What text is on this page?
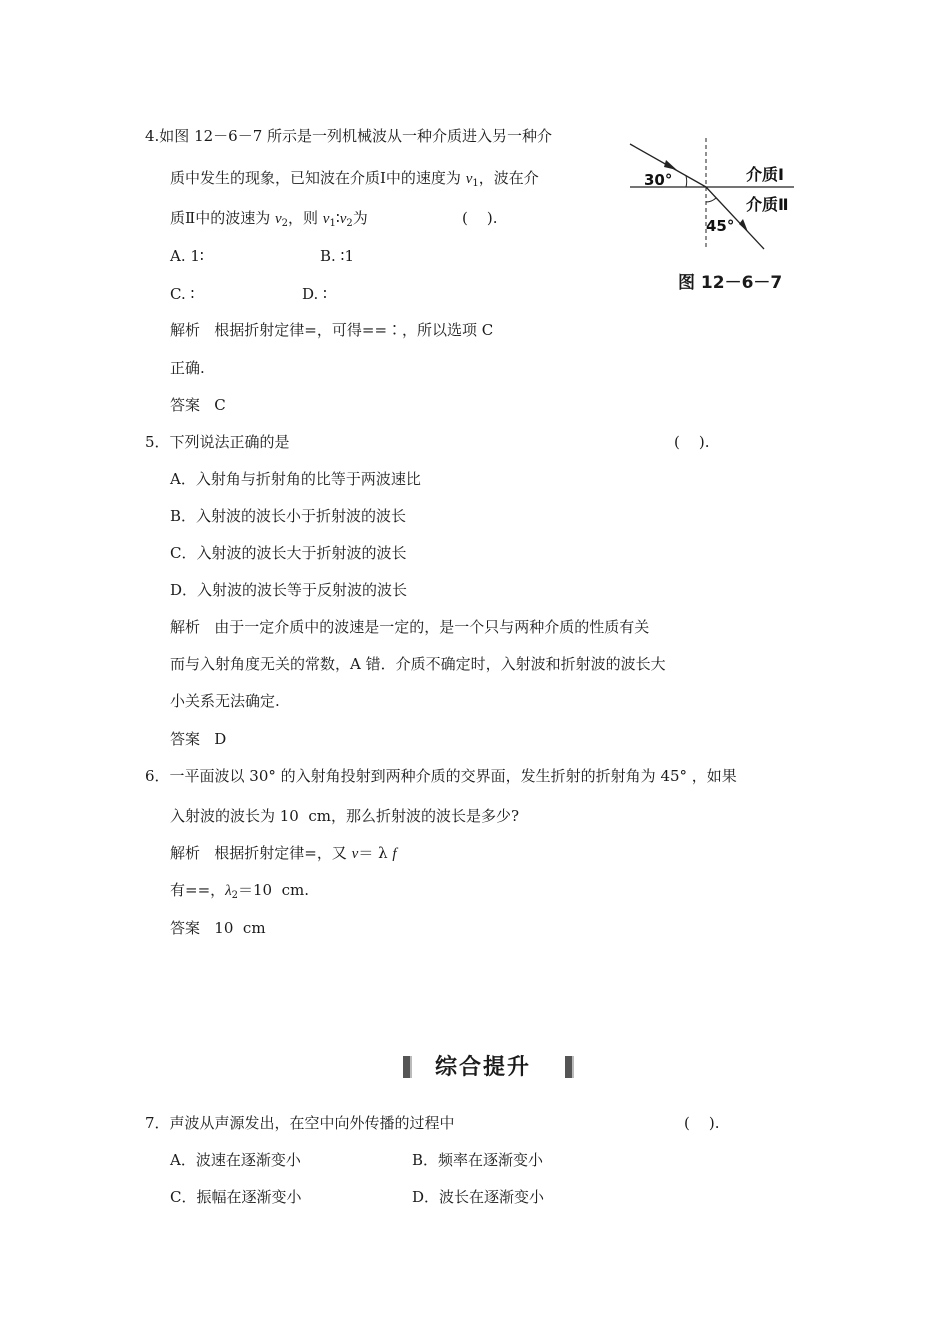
4.如图 12－6－7 所示是一列机械波从一种介质进入另一种介
质中发生的现象，已知波在介质Ⅰ中的速度为 $v_1$，波在介
质Ⅱ中的波速为 $v_2$，则 $v_1∶v_2$为	(    ).
A. 1∶	B. ∶1
C. ∶	D. ∶
解析   根据折射定律=，可得==∶，所以选项 C
正确.
答案   C
30°
45°
介质Ⅰ
介质Ⅱ
图 12－6－7
5．下列说法正确的是	(    ).
A．入射角与折射角的比等于两波速比
B．入射波的波长小于折射波的波长
C．入射波的波长大于折射波的波长
D．入射波的波长等于反射波的波长
解析   由于一定介质中的波速是一定的，是一个只与两种介质的性质有关
而与入射角度无关的常数，A 错．介质不确定时，入射波和折射波的波长大
小关系无法确定.
答案   D
6．一平面波以 30° 的入射角投射到两种介质的交界面，发生折射的折射角为 45° ，如果
入射波的波长为 10  cm，那么折射波的波长是多少?
解析   根据折射定律=，又 v＝ λ f
有==，$\lambda_2=10$  cm.
答案   10  cm
综合提升
7．声波从声源发出，在空中向外传播的过程中	(    ).
A．波速在逐渐变小	B．频率在逐渐变小
C．振幅在逐渐变小	D．波长在逐渐变小
